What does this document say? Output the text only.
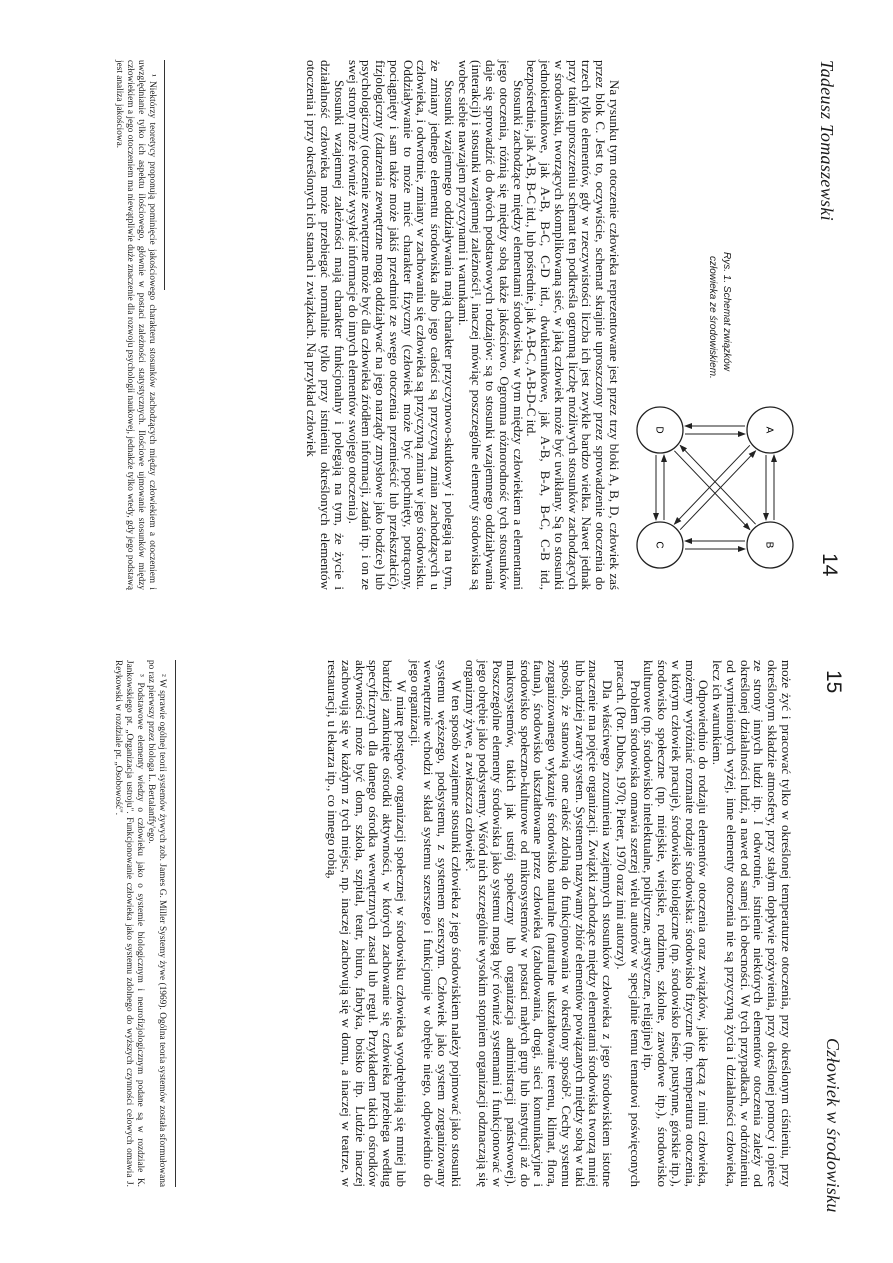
Tadeusz Tomaszewski
14
Rys. 1. Schemat związków
człowieka ze środowiskiem.
A
B
C
D

Na rysunku tym otoczenie człowieka reprezentowane jest przez trzy bloki A, B, D, człowiek zaś przez blok C. Jest to, oczywiście, schemat skrajnie uproszczony przez sprowadzenie otoczenia do trzech tylko elementów, gdy w rzeczywistości liczba ich jest zwykle bardzo wielka. Nawet jednak przy takim uproszczeniu schemat ten podkreśla ogromną liczbę możliwych stosunków zachodzących w środowisku, tworzących skomplikowaną sieć, w jaką człowiek może być uwikłany. Są to stosunki jednokierunkowe, jak A-B, B-C, C-D itd., dwukierunkowe, jak A-B, B-A, B-C, C-B itd., bezpośrednie, jak A-B, B-C itd., lub pośrednie, jak A-B-C, A-B-D-C itd.

Stosunki zachodzące między elementami środowiska, w tym między człowiekiem a elementami jego otoczenia, różnią się między sobą także jakościowo. Ogromna różnorodność tych stosunków daje się sprowadzić do dwóch podstawowych rodzajów: są to stosunki wzajemnego oddziaływania (interakcji) i stosunki wzajemnej zależności¹, inaczej mówiąc poszczególne elementy środowiska są wobec siebie nawzajem przyczynami i warunkami.

Stosunki wzajemnego oddziaływania mają charakter przyczynowo-skutkowy i polegają na tym, że zmiany jednego elementu środowiska albo jego całości są przyczyną zmian zachodzących u człowieka, i odwrotnie, zmiany w zachowaniu się człowieka są przyczyną zmian w jego środowisku. Oddziaływanie to może mieć charakter fizyczny (człowiek może być popchnięty, potrącony, pociągnięty i sam także może jakiś przedmiot ze swego otoczenia przemieścić lub przekształcić), fizjologiczny (zdarzenia zewnętrzne mogą oddziaływać na jego narządy zmysłowe jako bodźce) lub psychologiczny (otoczenie zewnętrzne może być dla człowieka źródłem informacji, zadań itp. i on ze swej strony może również wysyłać informacje do innych elementów swojego otoczenia).

Stosunki wzajemnej zależności mają charakter funkcjonalny i polegają na tym, że życie i działalność człowieka może przebiegać normalnie tylko przy istnieniu określonych elementów otoczenia i przy określonych ich stanach i związkach. Na przykład człowiek

¹ Niektórzy teoretycy proponują pominięcie jakościowego charakteru stosunków zachodzących między człowiekiem a otoczeniem i uwzględnianie tylko ich aspektu ilościowego, głównie w postaci zależności statystycznych. Ilościowe ujmowanie stosunków między człowiekiem a jego otoczeniem ma niewątpliwie duże znaczenie dla rozwoju psychologii naukowej, jednakże tylko wtedy, gdy jego podstawą jest analiza jakościowa.

15
Człowiek w środowisku

może żyć i pracować tylko w określonej temperaturze otoczenia, przy określonym ciśnieniu, przy określonym składzie atmosfery, przy stałym dopływie pożywienia, przy określonej pomocy i opiece ze strony innych ludzi itp. I odwrotnie, istnienie niektórych elementów otoczenia zależy od określonej działalności ludzi, a nawet od samej ich obecności. W tych przypadkach, w odróżnieniu od wymienionych wyżej, inne elementy otoczenia nie są przyczyną życia i działalności człowieka, lecz ich warunkiem.

Odpowiednio do rodzaju elementów otoczenia oraz związków, jakie łączą z nimi człowieka, możemy wyróżniać rozmaite rodzaje środowiska: środowisko fizyczne (np. temperatura otoczenia, w którym człowiek pracuje), środowisko biologiczne (np. środowisko leśne, pustynne, górskie itp.), środowisko społeczne (np. miejskie, wiejskie, rodzinne, szkolne, zawodowe itp.), środowisko kulturowe (np. środowisko intelektualne, polityczne, artystyczne, religijne) itp.

Problem środowiska omawia szerzej wielu autorów w specjalnie temu tematowi poświęconych pracach. (Por. Dubos, 1970; Pieter, 1970 oraz inni autorzy).

Dla właściwego zrozumienia wzajemnych stosunków człowieka z jego środowiskiem istotne znaczenie ma pojęcie organizacji. Związki zachodzące między elementami środowiska tworzą mniej lub bardziej zwarty system. Systemem nazywamy zbiór elementów powiązanych między sobą w taki sposób, że stanowią one całość zdolną do funkcjonowania w określony sposób². Cechy systemu zorganizowanego wykazuje środowisko naturalne (naturalne ukształtowanie terenu, klimat, flora, fauna), środowisko ukształtowane przez człowieka (zabudowania, drogi, sieci komunikacyjne i środowisko społeczno-kulturowe od mikrosystemów w postaci małych grup lub instytucji aż do makrosystemów, takich jak ustrój społeczny lub organizacja administracji państwowej). Poszczególne elementy środowiska jako systemu mogą być również systemami i funkcjonować w jego obrębie jako podsystemy. Wśród nich szczególnie wysokim stopniem organizacji odznaczają się organizmy żywe, a zwłaszcza człowiek³.

W ten sposób wzajemne stosunki człowieka z jego środowiskiem należy pojmować jako stosunki systemu węższego, podsystemu, z systemem szerszym. Człowiek jako system zorganizowany wewnętrznie wchodzi w skład systemu szerszego i funkcjonuje w obrębie niego, odpowiednio do jego organizacji.

W miarę postępów organizacji społecznej w środowisku człowieka wyodrębniają się mniej lub bardziej zamknięte ośrodki aktywności, w których zachowanie się człowieka przebiega według specyficznych dla danego ośrodka wewnętrznych zasad lub reguł. Przykładem takich ośrodków aktywności może być dom, szkoła, szpital, teatr, biuro, fabryka, boisko itp. Ludzie inaczej zachowują się w każdym z tych miejsc, np. inaczej zachowują się w domu, a inaczej w teatrze, w restauracji, u lekarza itp., co innego robią,

² W sprawie ogólnej teorii systemów żywych zob. James G. Miller Systemy żywe (1969). Ogólna teoria systemów została sformułowana po raz pierwszy przez biologa L. Bertalanffy'ego.

³ Podstawowe elementy wiedzy o człowieku jako o systemie biologicznym i neurofizjologicznym podane są w rozdziale K. Jankowskiego pt. „Organizacja ustroju". Funkcjonowanie człowieka jako systemu zdolnego do wyższych czynności celowych omawia J. Reykowski w rozdziale pt. „Osobowość".
